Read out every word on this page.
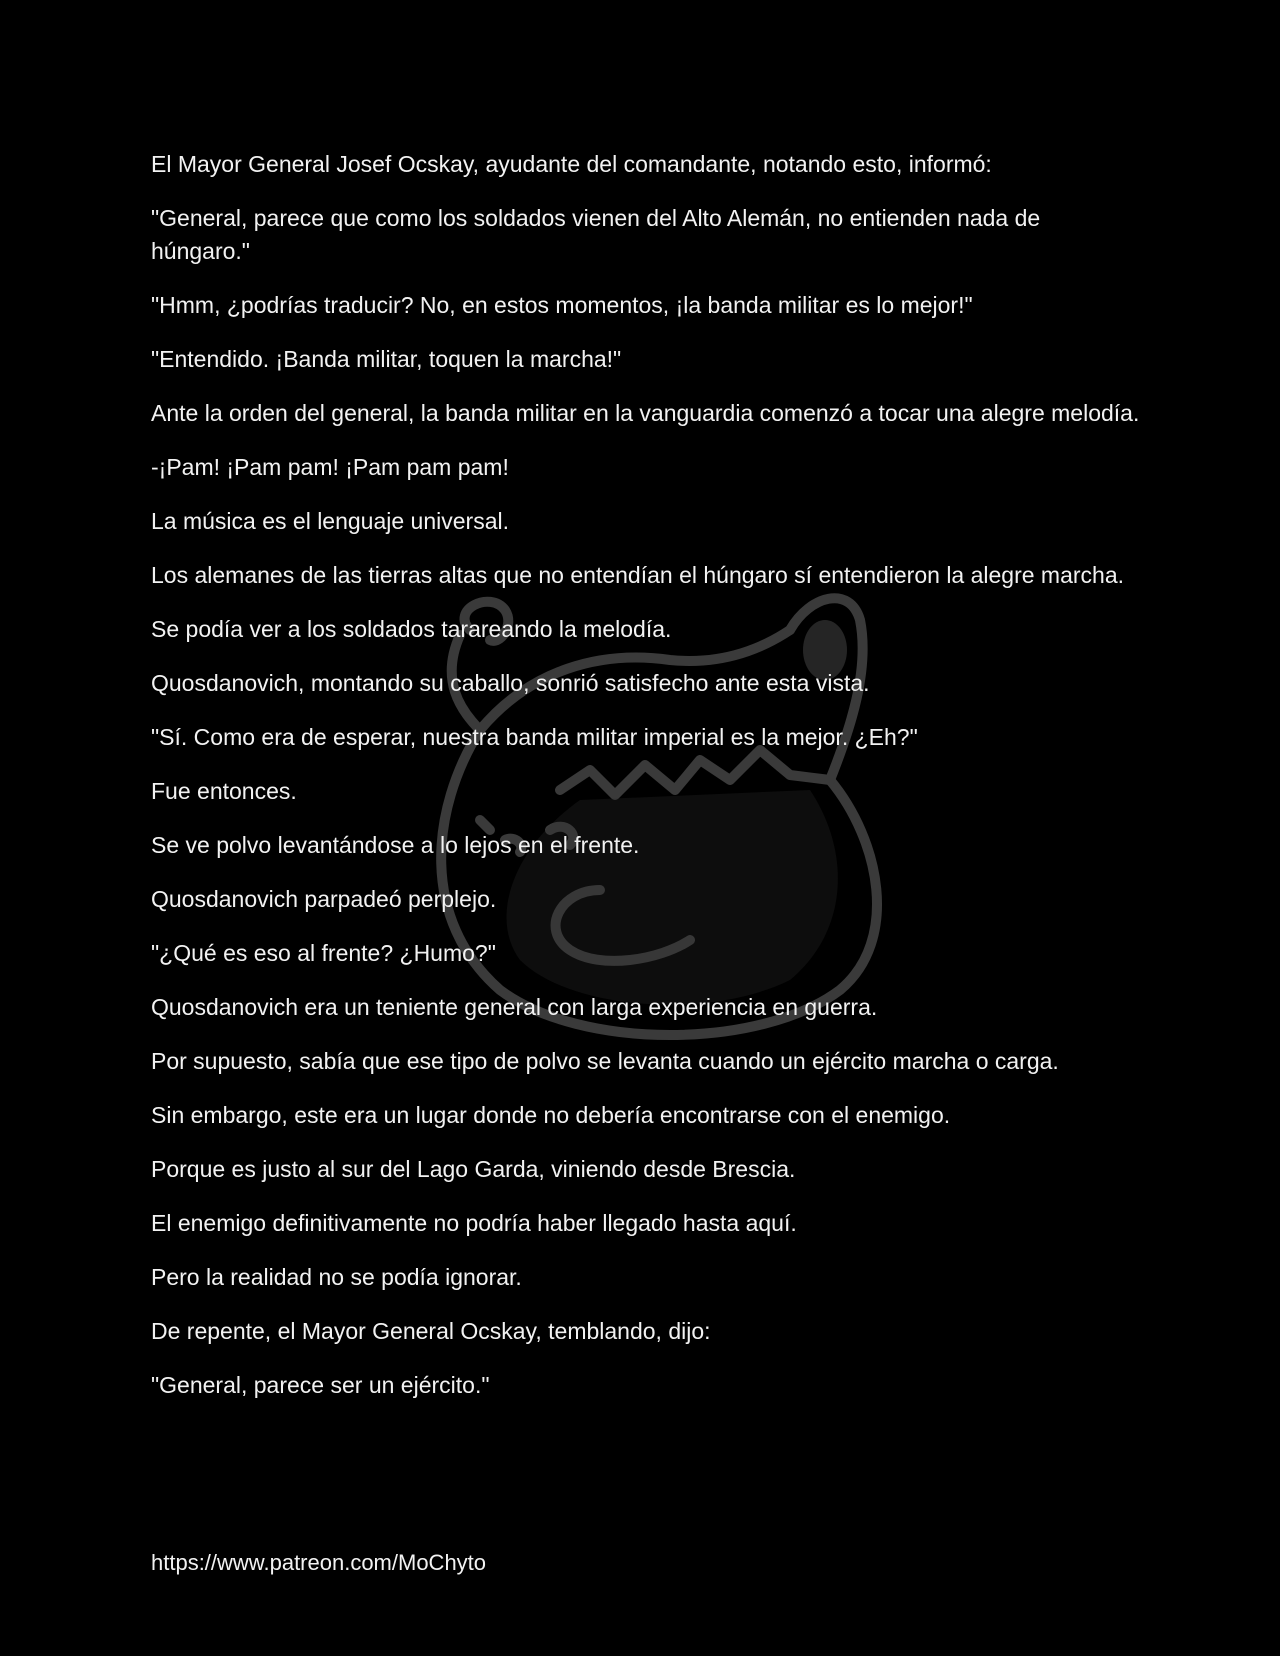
El Mayor General Josef Ocskay, ayudante del comandante, notando esto, informó:

"General, parece que como los soldados vienen del Alto Alemán, no entienden nada de húngaro."

"Hmm, ¿podrías traducir? No, en estos momentos, ¡la banda militar es lo mejor!"

"Entendido. ¡Banda militar, toquen la marcha!"

Ante la orden del general, la banda militar en la vanguardia comenzó a tocar una alegre melodía.

-¡Pam! ¡Pam pam! ¡Pam pam pam!

La música es el lenguaje universal.

Los alemanes de las tierras altas que no entendían el húngaro sí entendieron la alegre marcha.

Se podía ver a los soldados tarareando la melodía.

Quosdanovich, montando su caballo, sonrió satisfecho ante esta vista.

"Sí. Como era de esperar, nuestra banda militar imperial es la mejor. ¿Eh?"

Fue entonces.

Se ve polvo levantándose a lo lejos en el frente.

Quosdanovich parpadeó perplejo.

"¿Qué es eso al frente? ¿Humo?"

Quosdanovich era un teniente general con larga experiencia en guerra.

Por supuesto, sabía que ese tipo de polvo se levanta cuando un ejército marcha o carga.

Sin embargo, este era un lugar donde no debería encontrarse con el enemigo.

Porque es justo al sur del Lago Garda, viniendo desde Brescia.

El enemigo definitivamente no podría haber llegado hasta aquí.

Pero la realidad no se podía ignorar.

De repente, el Mayor General Ocskay, temblando, dijo:

"General, parece ser un ejército."

https://www.patreon.com/MoChyto
